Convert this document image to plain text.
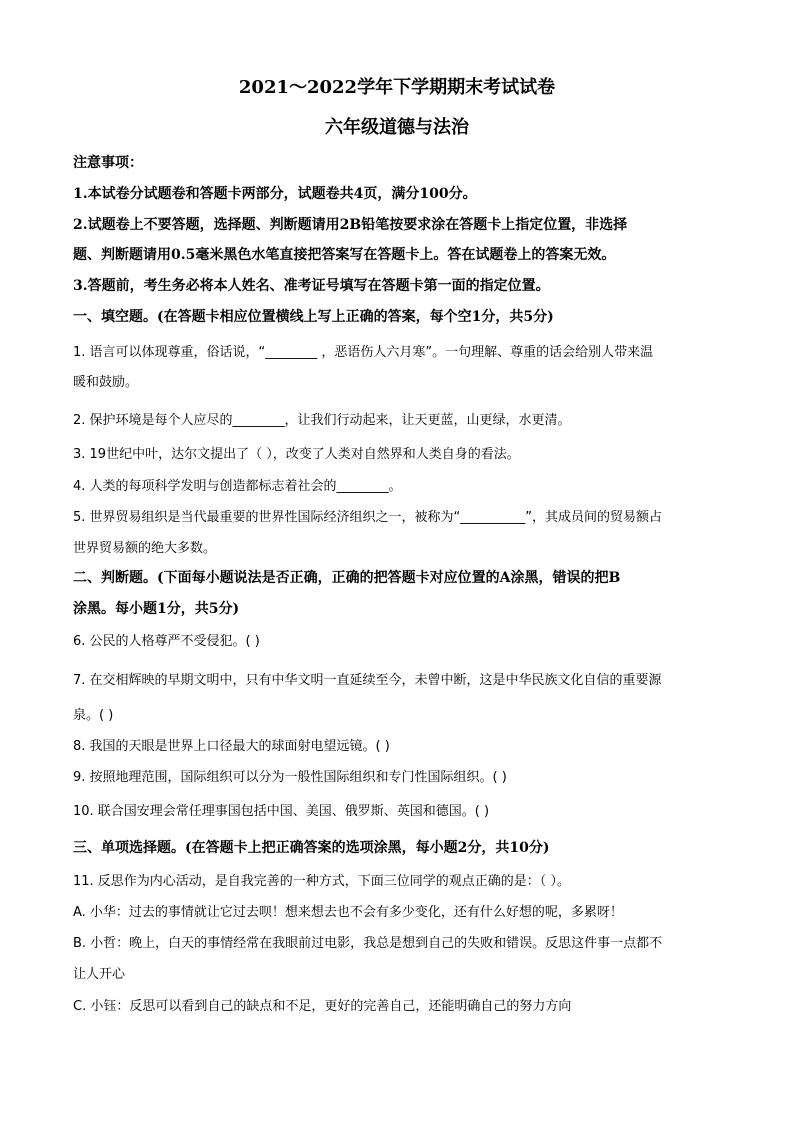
2021～2022学年下学期期末考试试卷
六年级道德与法治
注意事项：
1.本试卷分试题卷和答题卡两部分，试题卷共4页，满分100分。
2.试题卷上不要答题，选择题、判断题请用2B铅笔按要求涂在答题卡上指定位置，非选择
题、判断题请用0.5毫米黑色水笔直接把答案写在答题卡上。答在试题卷上的答案无效。
3.答题前，考生务必将本人姓名、准考证号填写在答题卡第一面的指定位置。
一、填空题。(在答题卡相应位置横线上写上正确的答案，每个空1分，共5分)
1. 语言可以体现尊重，俗话说，“________ ，恶语伤人六月寒”。一句理解、尊重的话会给别人带来温
暖和鼓励。
2. 保护环境是每个人应尽的________，让我们行动起来，让天更蓝，山更绿，水更清。
3. 19世纪中叶，达尔文提出了（ ），改变了人类对自然界和人类自身的看法。
4. 人类的每项科学发明与创造都标志着社会的________。
5. 世界贸易组织是当代最重要的世界性国际经济组织之一，被称为“__________”，其成员间的贸易额占
世界贸易额的绝大多数。
二、判断题。(下面每小题说法是否正确，正确的把答题卡对应位置的A涂黑，错误的把B
涂黑。每小题1分，共5分)
6. 公民的人格尊严不受侵犯。( )
7. 在交相辉映的早期文明中，只有中华文明一直延续至今，未曾中断，这是中华民族文化自信的重要源
泉。( )
8. 我国的天眼是世界上口径最大的球面射电望远镜。( )
9. 按照地理范围，国际组织可以分为一般性国际组织和专门性国际组织。( )
10. 联合国安理会常任理事国包括中国、美国、俄罗斯、英国和德国。( )
三、单项选择题。(在答题卡上把正确答案的选项涂黑，每小题2分，共10分)
11. 反思作为内心活动，是自我完善的一种方式，下面三位同学的观点正确的是：（ ）。
A. 小华：过去的事情就让它过去呗！想来想去也不会有多少变化，还有什么好想的呢，多累呀！
B. 小哲：晚上，白天的事情经常在我眼前过电影，我总是想到自己的失败和错误。反思这件事一点都不
让人开心
C. 小钰：反思可以看到自己的缺点和不足，更好的完善自己，还能明确自己的努力方向
